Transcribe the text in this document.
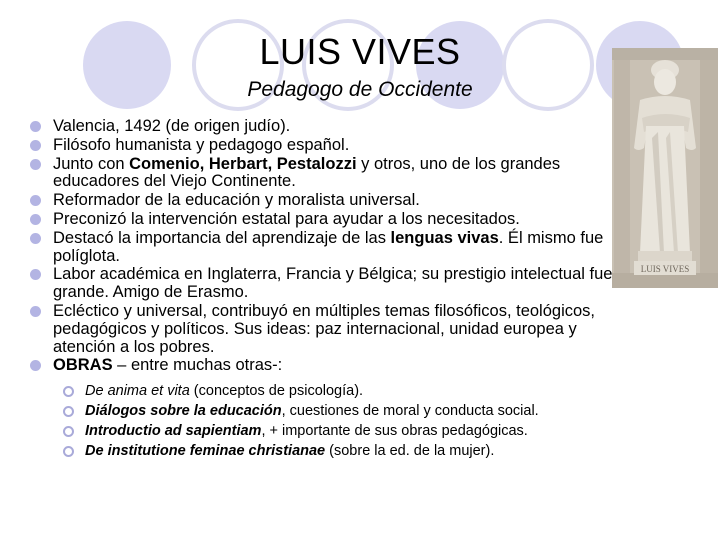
LUIS VIVES
Pedagogo de Occidente
LUIS VIVES
Valencia, 1492 (de origen judío).
Filósofo humanista y pedagogo español.
Junto con Comenio, Herbart, Pestalozzi y otros, uno de los grandes educadores del Viejo Continente.
Reformador de la educación y moralista universal.
Preconizó la intervención estatal para ayudar a los necesitados.
Destacó la importancia del aprendizaje de las lenguas vivas. Él mismo fue políglota.
Labor académica en Inglaterra, Francia y Bélgica; su prestigio intelectual fue grande. Amigo de Erasmo.
Ecléctico y universal, contribuyó en múltiples temas filosóficos, teológicos, pedagógicos y políticos. Sus ideas: paz internacional, unidad europea y atención a los pobres.
OBRAS – entre muchas otras-:
De anima et vita (conceptos de psicología).
Diálogos sobre la educación, cuestiones de moral y conducta social.
Introductio ad sapientiam, + importante de sus obras pedagógicas.
De institutione feminae christianae (sobre la ed. de la mujer).
